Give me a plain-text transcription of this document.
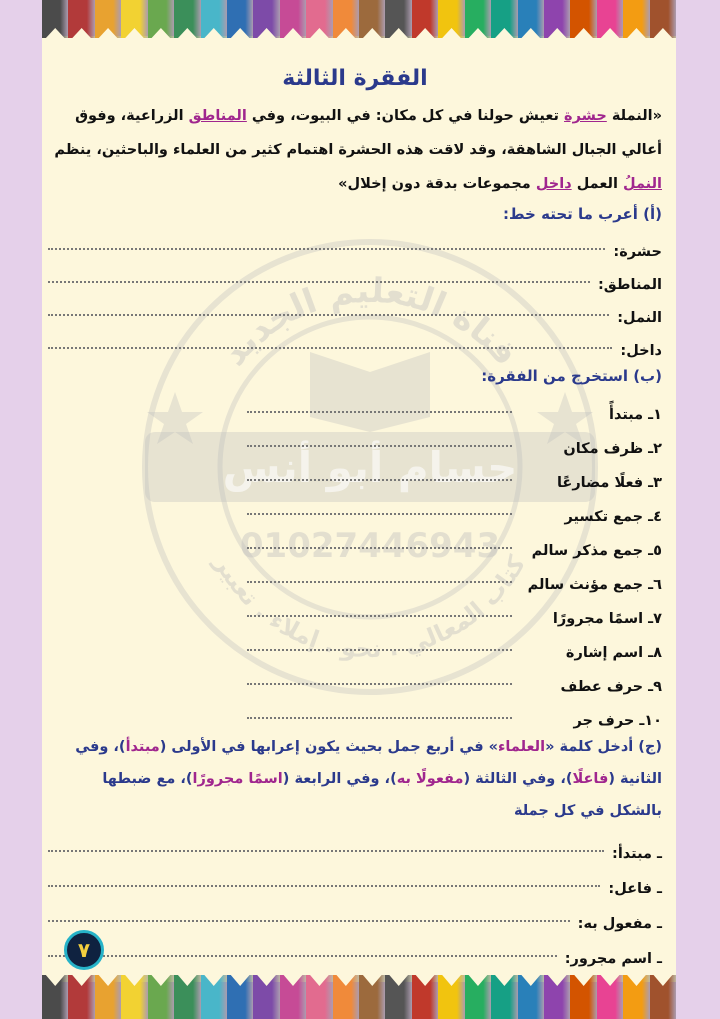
قناة التعليم الجديد
حسام أبو أنس
01027446943
كتاب المعالي . نحو . إملاء . تعبير
الفقرة الثالثة

«النملة حشرة تعيش حولنا في كل مكان: في البيوت، وفي المناطق الزراعية، وفوق أعالي الجبال الشاهقة، وقد لاقت هذه الحشرة اهتمام كثير من العلماء والباحثين، ينظم النملُ العمل داخل مجموعات بدقة دون إخلال»

(أ) أعرب ما تحته خط:

حشرة:
المناطق:
النمل:
داخل:

(ب) استخرج من الفقرة:

١ـ مبتدأً
٢ـ ظرف مكان
٣ـ فعلًا مضارعًا
٤ـ جمع تكسير
٥ـ جمع مذكر سالم
٦ـ جمع مؤنث سالم
٧ـ اسمًا مجرورًا
٨ـ اسم إشارة
٩ـ حرف عطف
١٠ـ حرف جر

(ج) أدخل كلمة «العلماء» في أربع جمل بحيث يكون إعرابها في الأولى (مبتدأ)، وفي الثانية (فاعلًا)، وفي الثالثة (مفعولًا به)، وفي الرابعة (اسمًا مجرورًا)، مع ضبطها بالشكل في كل جملة

ـ مبتدأ:
ـ فاعل:
ـ مفعول به:
ـ اسم مجرور:
٧
